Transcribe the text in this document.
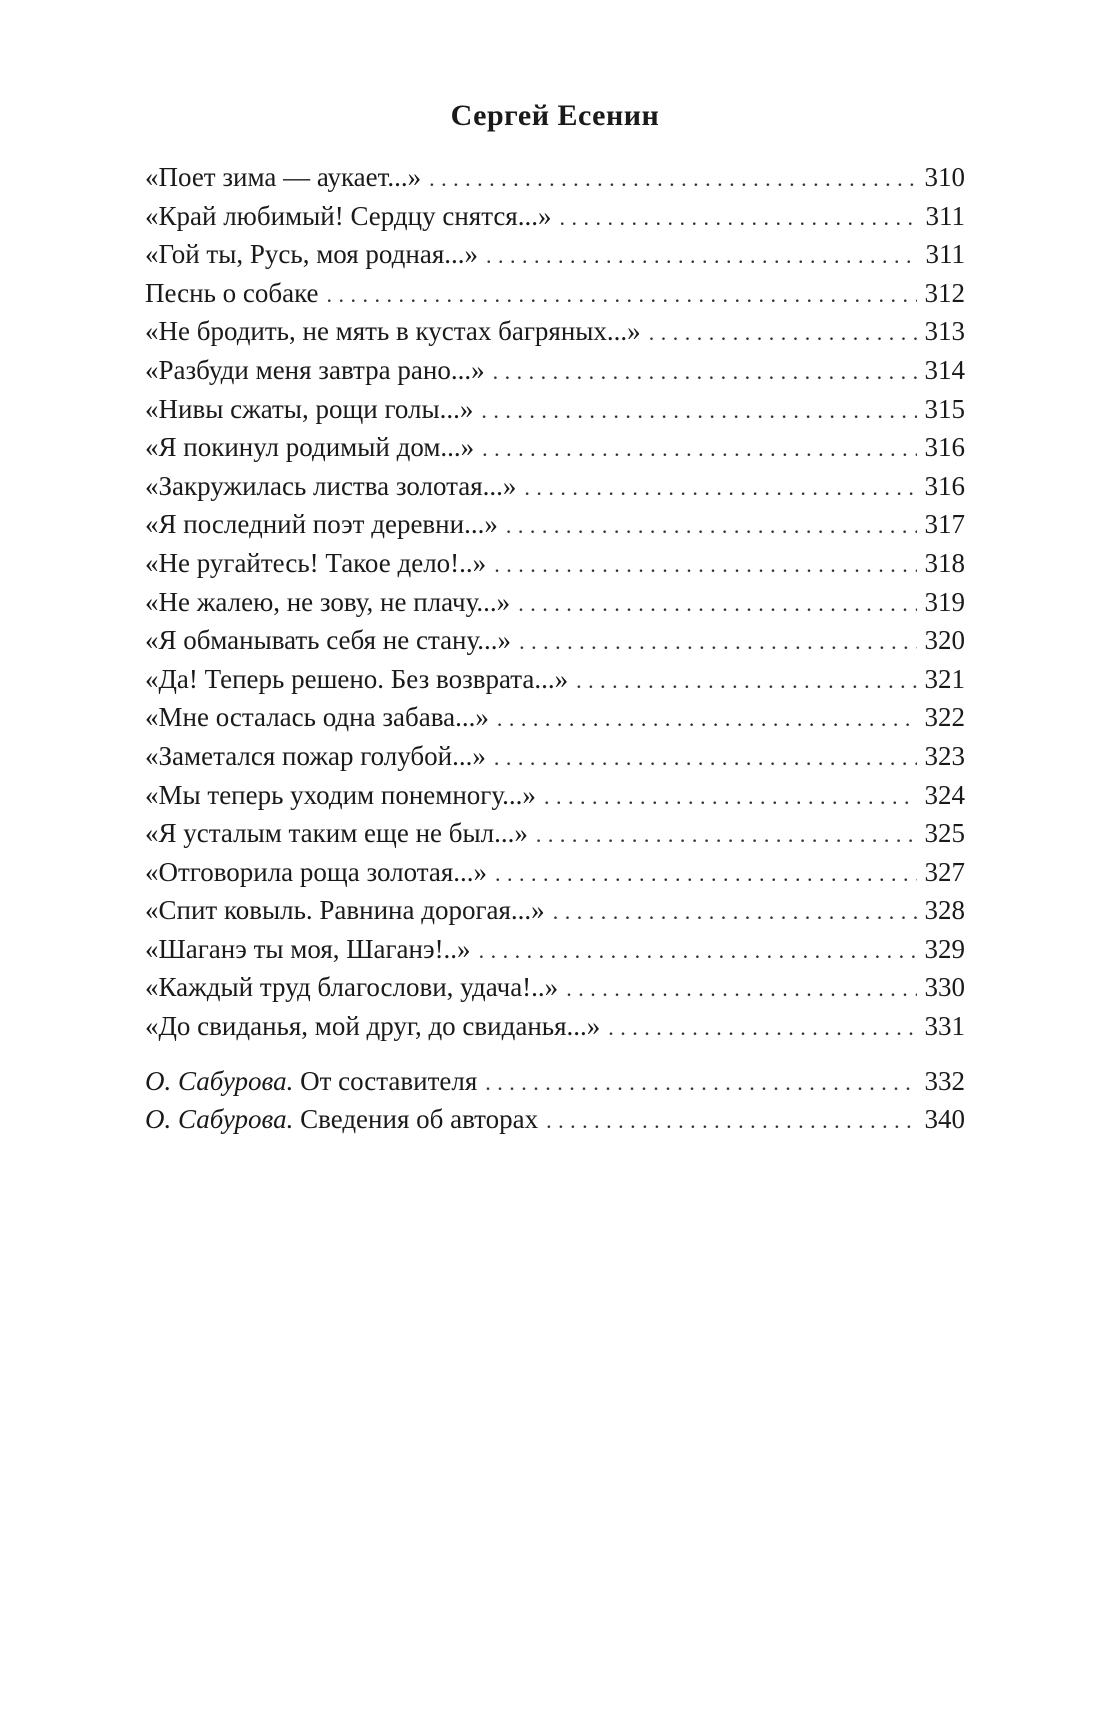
Сергей Есенин
«Поет зима — аукает...» . . .	310
«Край любимый! Сердцу снятся...» . . .	311
«Гой ты, Русь, моя родная...» . . .	311
Песнь о собаке . . .	312
«Не бродить, не мять в кустах багряных...» . . .	313
«Разбуди меня завтра рано...» . . .	314
«Нивы сжаты, рощи голы...» . . .	315
«Я покинул родимый дом...» . . .	316
«Закружилась листва золотая...» . . .	316
«Я последний поэт деревни...» . . .	317
«Не ругайтесь! Такое дело!..» . . .	318
«Не жалею, не зову, не плачу...» . . .	319
«Я обманывать себя не стану...» . . .	320
«Да! Теперь решено. Без возврата...» . . .	321
«Мне осталась одна забава...» . . .	322
«Заметался пожар голубой...» . . .	323
«Мы теперь уходим понемногу...» . . .	324
«Я усталым таким еще не был...» . . .	325
«Отговорила роща золотая...» . . .	327
«Спит ковыль. Равнина дорогая...» . . .	328
«Шаганэ ты моя, Шаганэ!..» . . .	329
«Каждый труд благослови, удача!..» . . .	330
«До свиданья, мой друг, до свиданья...» . . .	331
О. Сабурова. От составителя . . .	332
О. Сабурова. Сведения об авторах . . .	340
